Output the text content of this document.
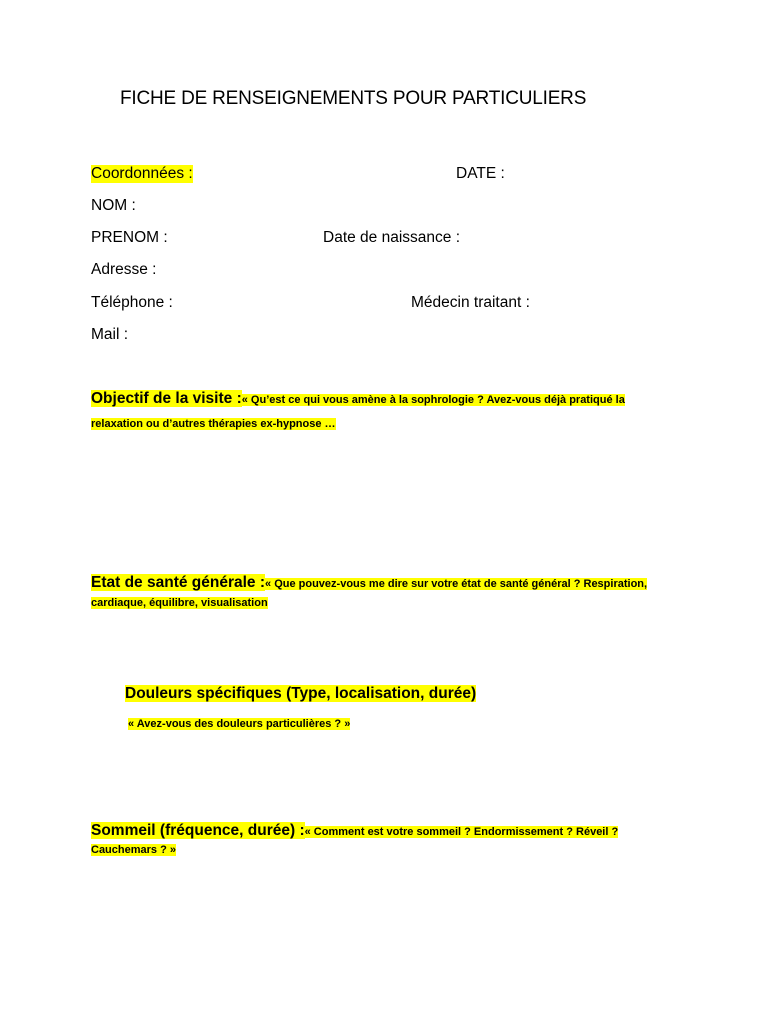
FICHE DE RENSEIGNEMENTS POUR PARTICULIERS
Coordonnées :	DATE :
NOM :
PRENOM :	Date de naissance :
Adresse :
Téléphone :	Médecin traitant :
Mail :
Objectif de la visite :« Qu’est ce qui vous amène à la sophrologie ? Avez-vous déjà pratiqué la
relaxation ou d’autres thérapies ex-hypnose …
Etat de santé générale :« Que pouvez-vous me dire sur votre état de santé général ? Respiration,
cardiaque, équilibre, visualisation
Douleurs spécifiques (Type, localisation, durée)
« Avez-vous des douleurs particulières ? »
Sommeil (fréquence, durée) :« Comment est votre sommeil ? Endormissement ? Réveil ?
Cauchemars ? »
